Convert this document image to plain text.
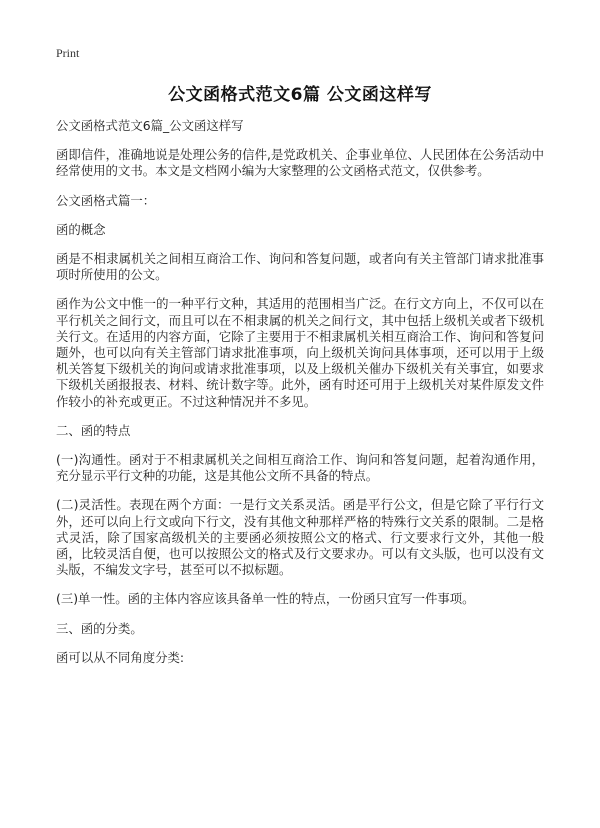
Print
公文函格式范文6篇 公文函这样写

公文函格式范文6篇_公文函这样写

函即信件，准确地说是处理公务的信件,是党政机关、企事业单位、人民团体在公务活动中经常使用的文书。本文是文档网小编为大家整理的公文函格式范文，仅供参考。

公文函格式篇一：

函的概念

函是不相隶属机关之间相互商洽工作、询问和答复问题，或者向有关主管部门请求批准事项时所使用的公文。

函作为公文中惟一的一种平行文种，其适用的范围相当广泛。在行文方向上，不仅可以在平行机关之间行文，而且可以在不相隶属的机关之间行文，其中包括上级机关或者下级机关行文。在适用的内容方面，它除了主要用于不相隶属机关相互商洽工作、询问和答复问题外，也可以向有关主管部门请求批准事项，向上级机关询问具体事项，还可以用于上级机关答复下级机关的询问或请求批准事项，以及上级机关催办下级机关有关事宜，如要求下级机关函报报表、材料、统计数字等。此外，函有时还可用于上级机关对某件原发文件作较小的补充或更正。不过这种情况并不多见。

二、函的特点

(一)沟通性。函对于不相隶属机关之间相互商洽工作、询问和答复问题，起着沟通作用，充分显示平行文种的功能，这是其他公文所不具备的特点。

(二)灵活性。表现在两个方面：一是行文关系灵活。函是平行公文，但是它除了平行行文外，还可以向上行文或向下行文，没有其他文种那样严格的特殊行文关系的限制。二是格式灵活，除了国家高级机关的主要函必须按照公文的格式、行文要求行文外，其他一般函，比较灵活自便，也可以按照公文的格式及行文要求办。可以有文头版，也可以没有文头版，不编发文字号，甚至可以不拟标题。

(三)单一性。函的主体内容应该具备单一性的特点，一份函只宜写一件事项。

三、函的分类。

函可以从不同角度分类:
